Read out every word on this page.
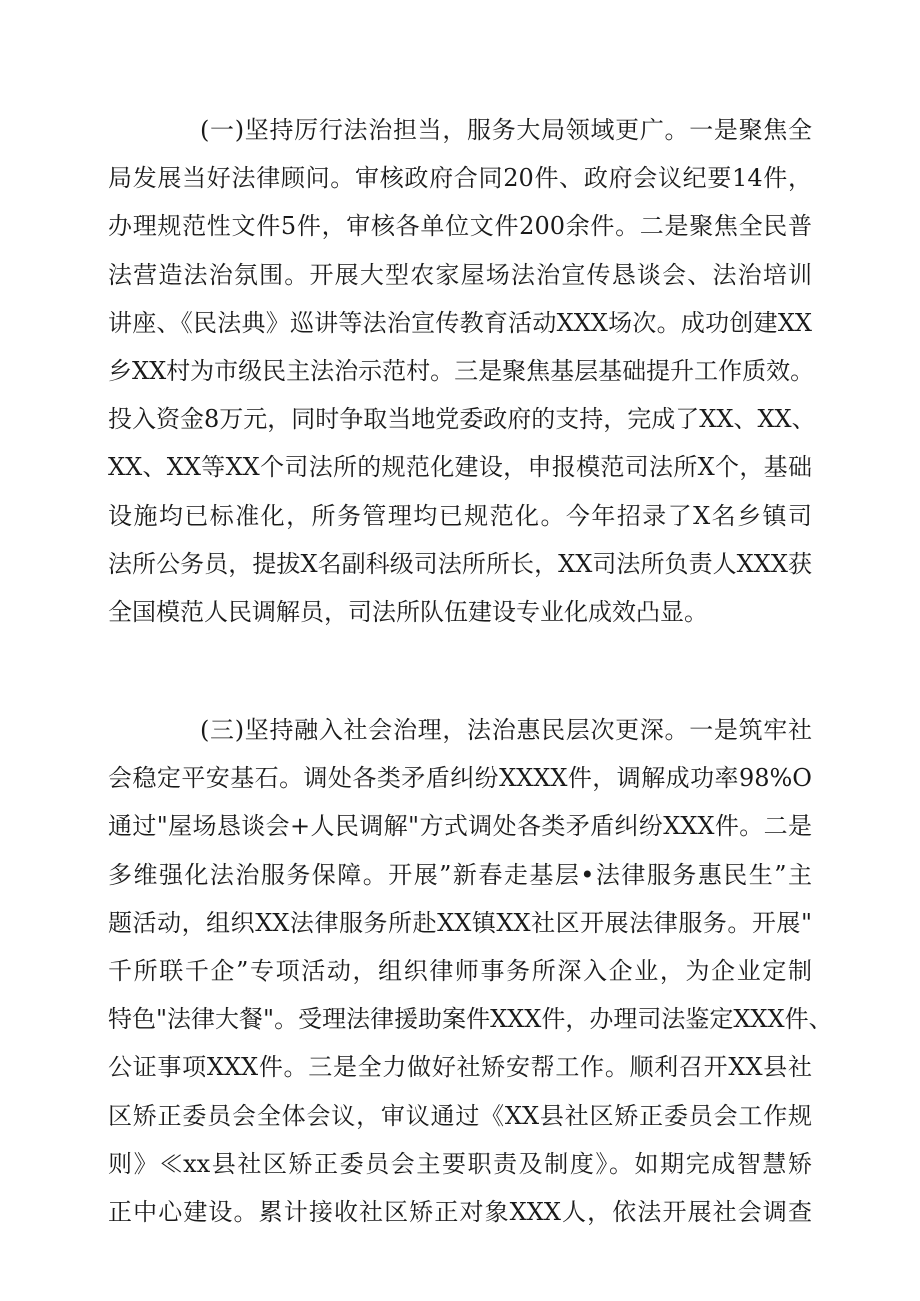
(一)坚持厉行法治担当，服务大局领域更广。一是聚焦全
局发展当好法律顾问。审核政府合同20件、政府会议纪要14件，
办理规范性文件5件，审核各单位文件200余件。二是聚焦全民普
法营造法治氛围。开展大型农家屋场法治宣传恳谈会、法治培训
讲座、《民法典》巡讲等法治宣传教育活动XXX场次。成功创建XX
乡XX村为市级民主法治示范村。三是聚焦基层基础提升工作质效。
投入资金8万元，同时争取当地党委政府的支持，完成了XX、XX、
XX、XX等XX个司法所的规范化建设，申报模范司法所X个，基础
设施均已标准化，所务管理均已规范化。今年招录了X名乡镇司
法所公务员，提拔X名副科级司法所所长，XX司法所负责人XXX获
全国模范人民调解员，司法所队伍建设专业化成效凸显。
(三)坚持融入社会治理，法治惠民层次更深。一是筑牢社
会稳定平安基石。调处各类矛盾纠纷XXXX件，调解成功率98%O
通过"屋场恳谈会+人民调解"方式调处各类矛盾纠纷XXX件。二是
多维强化法治服务保障。开展”新春走基层•法律服务惠民生”主
题活动，组织XX法律服务所赴XX镇XX社区开展法律服务。开展"
千所联千企”专项活动，组织律师事务所深入企业，为企业定制
特色"法律大餐"。受理法律援助案件XXX件，办理司法鉴定XXX件、
公证事项XXX件。三是全力做好社矫安帮工作。顺利召开XX县社
区矫正委员会全体会议，审议通过《XX县社区矫正委员会工作规
则》≪xx县社区矫正委员会主要职责及制度》。如期完成智慧矫
正中心建设。累计接收社区矫正对象XXX人，依法开展社会调查
